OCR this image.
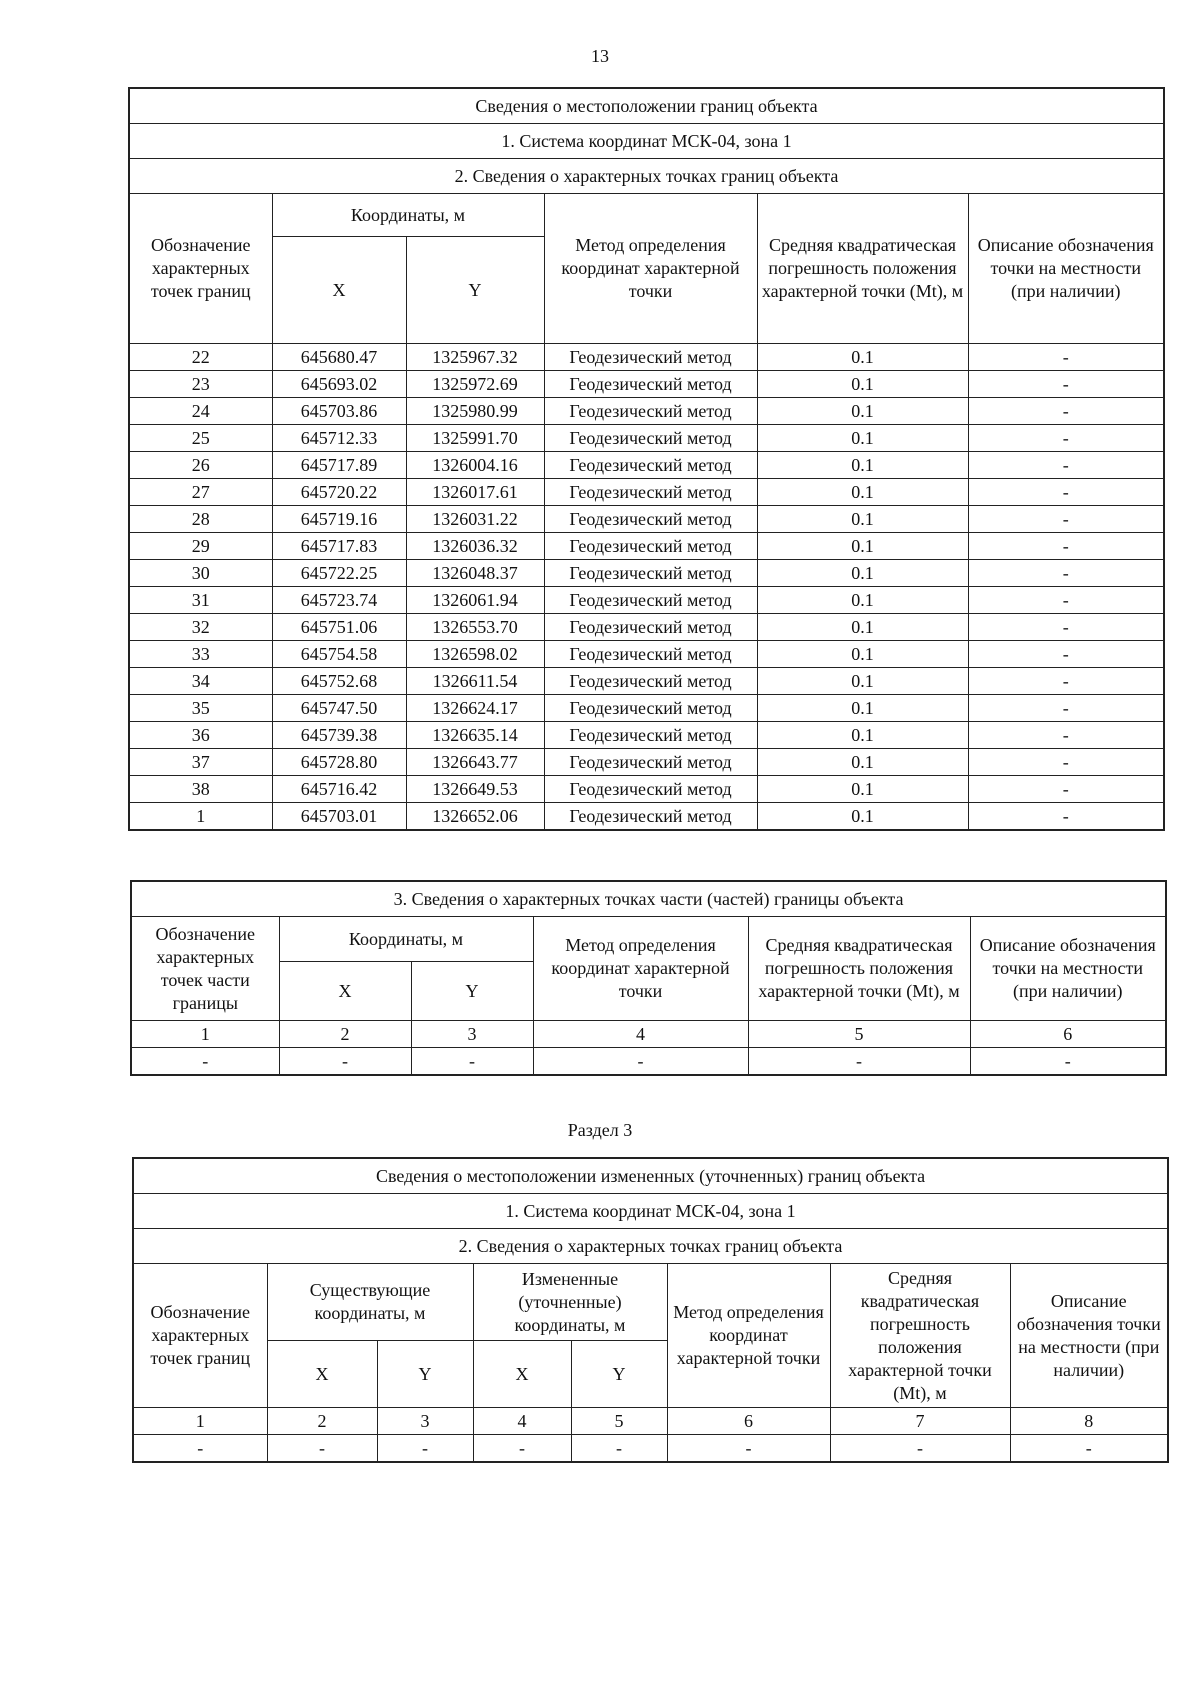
13
Сведения о местоположении границ объекта					
1. Система координат МСК-04, зона 1					
2. Сведения о характерных точках границ объекта					
Обозначение характерных точек границ	Координаты, м		Метод определения координат характерной точки	Средняя квадратическая погрешность положения характерной точки (Mt), м	Описание обозначения точки на местности (при наличии)
	X	Y			
22	645680.47	1325967.32	Геодезический метод	0.1	-
23	645693.02	1325972.69	Геодезический метод	0.1	-
24	645703.86	1325980.99	Геодезический метод	0.1	-
25	645712.33	1325991.70	Геодезический метод	0.1	-
26	645717.89	1326004.16	Геодезический метод	0.1	-
27	645720.22	1326017.61	Геодезический метод	0.1	-
28	645719.16	1326031.22	Геодезический метод	0.1	-
29	645717.83	1326036.32	Геодезический метод	0.1	-
30	645722.25	1326048.37	Геодезический метод	0.1	-
31	645723.74	1326061.94	Геодезический метод	0.1	-
32	645751.06	1326553.70	Геодезический метод	0.1	-
33	645754.58	1326598.02	Геодезический метод	0.1	-
34	645752.68	1326611.54	Геодезический метод	0.1	-
35	645747.50	1326624.17	Геодезический метод	0.1	-
36	645739.38	1326635.14	Геодезический метод	0.1	-
37	645728.80	1326643.77	Геодезический метод	0.1	-
38	645716.42	1326649.53	Геодезический метод	0.1	-
1	645703.01	1326652.06	Геодезический метод	0.1	-
3. Сведения о характерных точках части (частей) границы объекта					
Обозначение характерных точек части границы	Координаты, м		Метод определения координат характерной точки	Средняя квадратическая погрешность положения характерной точки (Mt), м	Описание обозначения точки на местности (при наличии)
	X	Y			
1	2	3	4	5	6
-	-	-	-	-	-
Раздел 3
Сведения о местоположении измененных (уточненных) границ объекта							
1. Система координат МСК-04, зона 1							
2. Сведения о характерных точках границ объекта							
Обозначение характерных точек границ	Существующие координаты, м		Измененные (уточненные) координаты, м		Метод определения координат характерной точки	Средняя квадратическая погрешность положения характерной точки (Mt), м	Описание обозначения точки на местности (при наличии)
	X	Y	X	Y			
1	2	3	4	5	6	7	8
-	-	-	-	-	-	-	-
